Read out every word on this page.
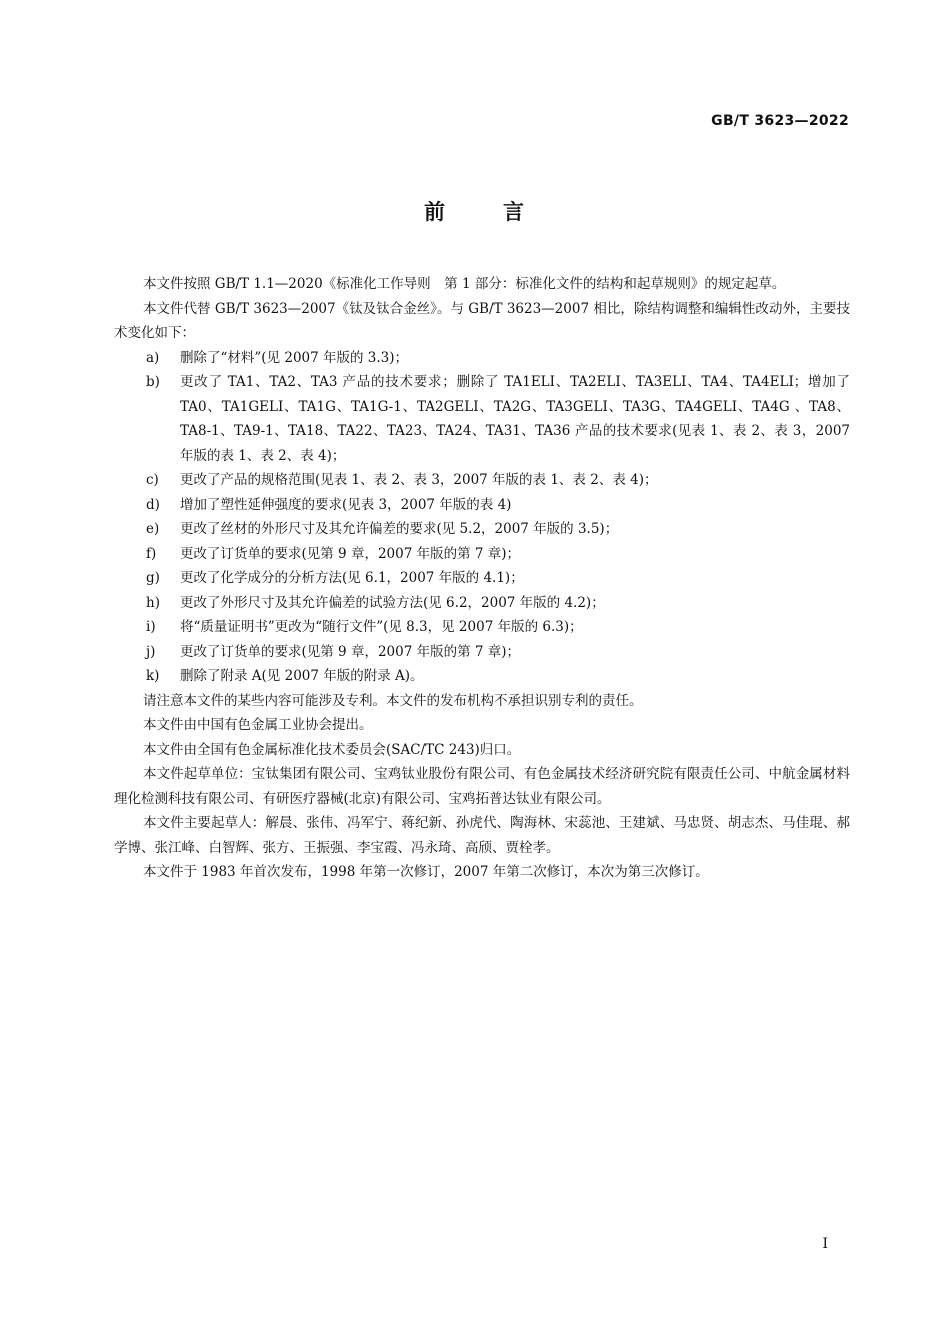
GB/T 3623—2022
前	言

本文件按照 GB/T 1.1—2020《标准化工作导则　第 1 部分：标准化文件的结构和起草规则》的规定起草。

本文件代替 GB/T 3623—2007《钛及钛合金丝》。与 GB/T 3623—2007 相比，除结构调整和编辑性改动外，主要技术变化如下：

a) 删除了“材料”(见 2007 年版的 3.3)；
b) 更改了 TA1、TA2、TA3 产品的技术要求；删除了 TA1ELI、TA2ELI、TA3ELI、TA4、TA4ELI；增加了 TA0、TA1GELI、TA1G、TA1G-1、TA2GELI、TA2G、TA3GELI、TA3G、TA4GELI、TA4G 、TA8、TA8-1、TA9-1、TA18、TA22、TA23、TA24、TA31、TA36 产品的技术要求(见表 1、表 2、表 3，2007 年版的表 1、表 2、表 4)；
c) 更改了产品的规格范围(见表 1、表 2、表 3，2007 年版的表 1、表 2、表 4)；
d) 增加了塑性延伸强度的要求(见表 3，2007 年版的表 4)
e) 更改了丝材的外形尺寸及其允许偏差的要求(见 5.2，2007 年版的 3.5)；
f) 更改了订货单的要求(见第 9 章，2007 年版的第 7 章)；
g) 更改了化学成分的分析方法(见 6.1，2007 年版的 4.1)；
h) 更改了外形尺寸及其允许偏差的试验方法(见 6.2，2007 年版的 4.2)；
i) 将“质量证明书”更改为“随行文件”(见 8.3，见 2007 年版的 6.3)；
j) 更改了订货单的要求(见第 9 章，2007 年版的第 7 章)；
k) 删除了附录 A(见 2007 年版的附录 A)。

请注意本文件的某些内容可能涉及专利。本文件的发布机构不承担识别专利的责任。

本文件由中国有色金属工业协会提出。

本文件由全国有色金属标准化技术委员会(SAC/TC 243)归口。

本文件起草单位：宝钛集团有限公司、宝鸡钛业股份有限公司、有色金属技术经济研究院有限责任公司、中航金属材料理化检测科技有限公司、有研医疗器械(北京)有限公司、宝鸡拓普达钛业有限公司。

本文件主要起草人：解晨、张伟、冯军宁、蒋纪新、孙虎代、陶海林、宋蕊池、王建斌、马忠贤、胡志杰、马佳琨、郝学博、张江峰、白智辉、张方、王振强、李宝霞、冯永琦、高颀、贾栓孝。

本文件于 1983 年首次发布，1998 年第一次修订，2007 年第二次修订，本次为第三次修订。

I
